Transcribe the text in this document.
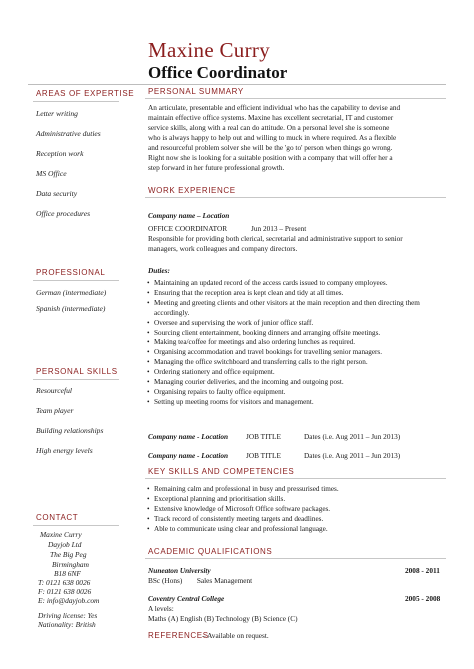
Maxine Curry
Office Coordinator
AREAS OF EXPERTISE
Letter writing
Administrative duties
Reception work
MS Office
Data security
Office procedures
PROFESSIONAL
German (intermediate)
Spanish (intermediate)
PERSONAL SKILLS
Resourceful
Team player
Building relationships
High energy levels
CONTACT
Maxine Curry
Dayjob Ltd
The Big Peg
Birmingham
B18 6NF
T: 0121 638 0026
F: 0121 638 0026
E: info@dayjob.com
Driving license: Yes
Nationality: British
PERSONAL SUMMARY
An articulate, presentable and efficient individual who has the capability to devise and
maintain effective office systems. Maxine has excellent secretarial, IT and customer
service skills, along with a real can do attitude. On a personal level she is someone
who is always happy to help out and willing to muck in where required. As a flexible
and resourceful problem solver she will be the 'go to' person when things go wrong.
Right now she is looking for a suitable position with a company that will offer her a
step forward in her future professional growth.
WORK EXPERIENCE
Company name – Location
OFFICE COORDINATOR	Jun 2013 – Present
Responsible for providing both clerical, secretarial and administrative support to senior
managers, work colleagues and company directors.
Duties:
• Maintaining an updated record of the access cards issued to company employees.
• Ensuring that the reception area is kept clean and tidy at all times.
• Meeting and greeting clients and other visitors at the main reception and then directing them accordingly.
• Oversee and supervising the work of junior office staff.
• Sourcing client entertainment, booking dinners and arranging offsite meetings.
• Making tea/coffee for meetings and also ordering lunches as required.
• Organising accommodation and travel bookings for travelling senior managers.
• Managing the office switchboard and transferring calls to the right person.
• Ordering stationery and office equipment.
• Managing courier deliveries, and the incoming and outgoing post.
• Organising repairs to faulty office equipment.
• Setting up meeting rooms for visitors and management.
Company name - Location JOB TITLE	Dates (i.e. Aug 2011 – Jun 2013)
Company name - Location JOB TITLE	Dates (i.e. Aug 2011 – Jun 2013)
KEY SKILLS AND COMPETENCIES
• Remaining calm and professional in busy and pressurised times.
• Exceptional planning and prioritisation skills.
• Extensive knowledge of Microsoft Office software packages.
• Track record of consistently meeting targets and deadlines.
• Able to communicate using clear and professional language.
ACADEMIC QUALIFICATIONS
Nuneaton University	2008 - 2011
BSc (Hons)        Sales Management
Coventry Central College	2005 - 2008
A levels:
Maths (A) English (B) Technology (B) Science (C)
REFERENCES
– Available on request.
